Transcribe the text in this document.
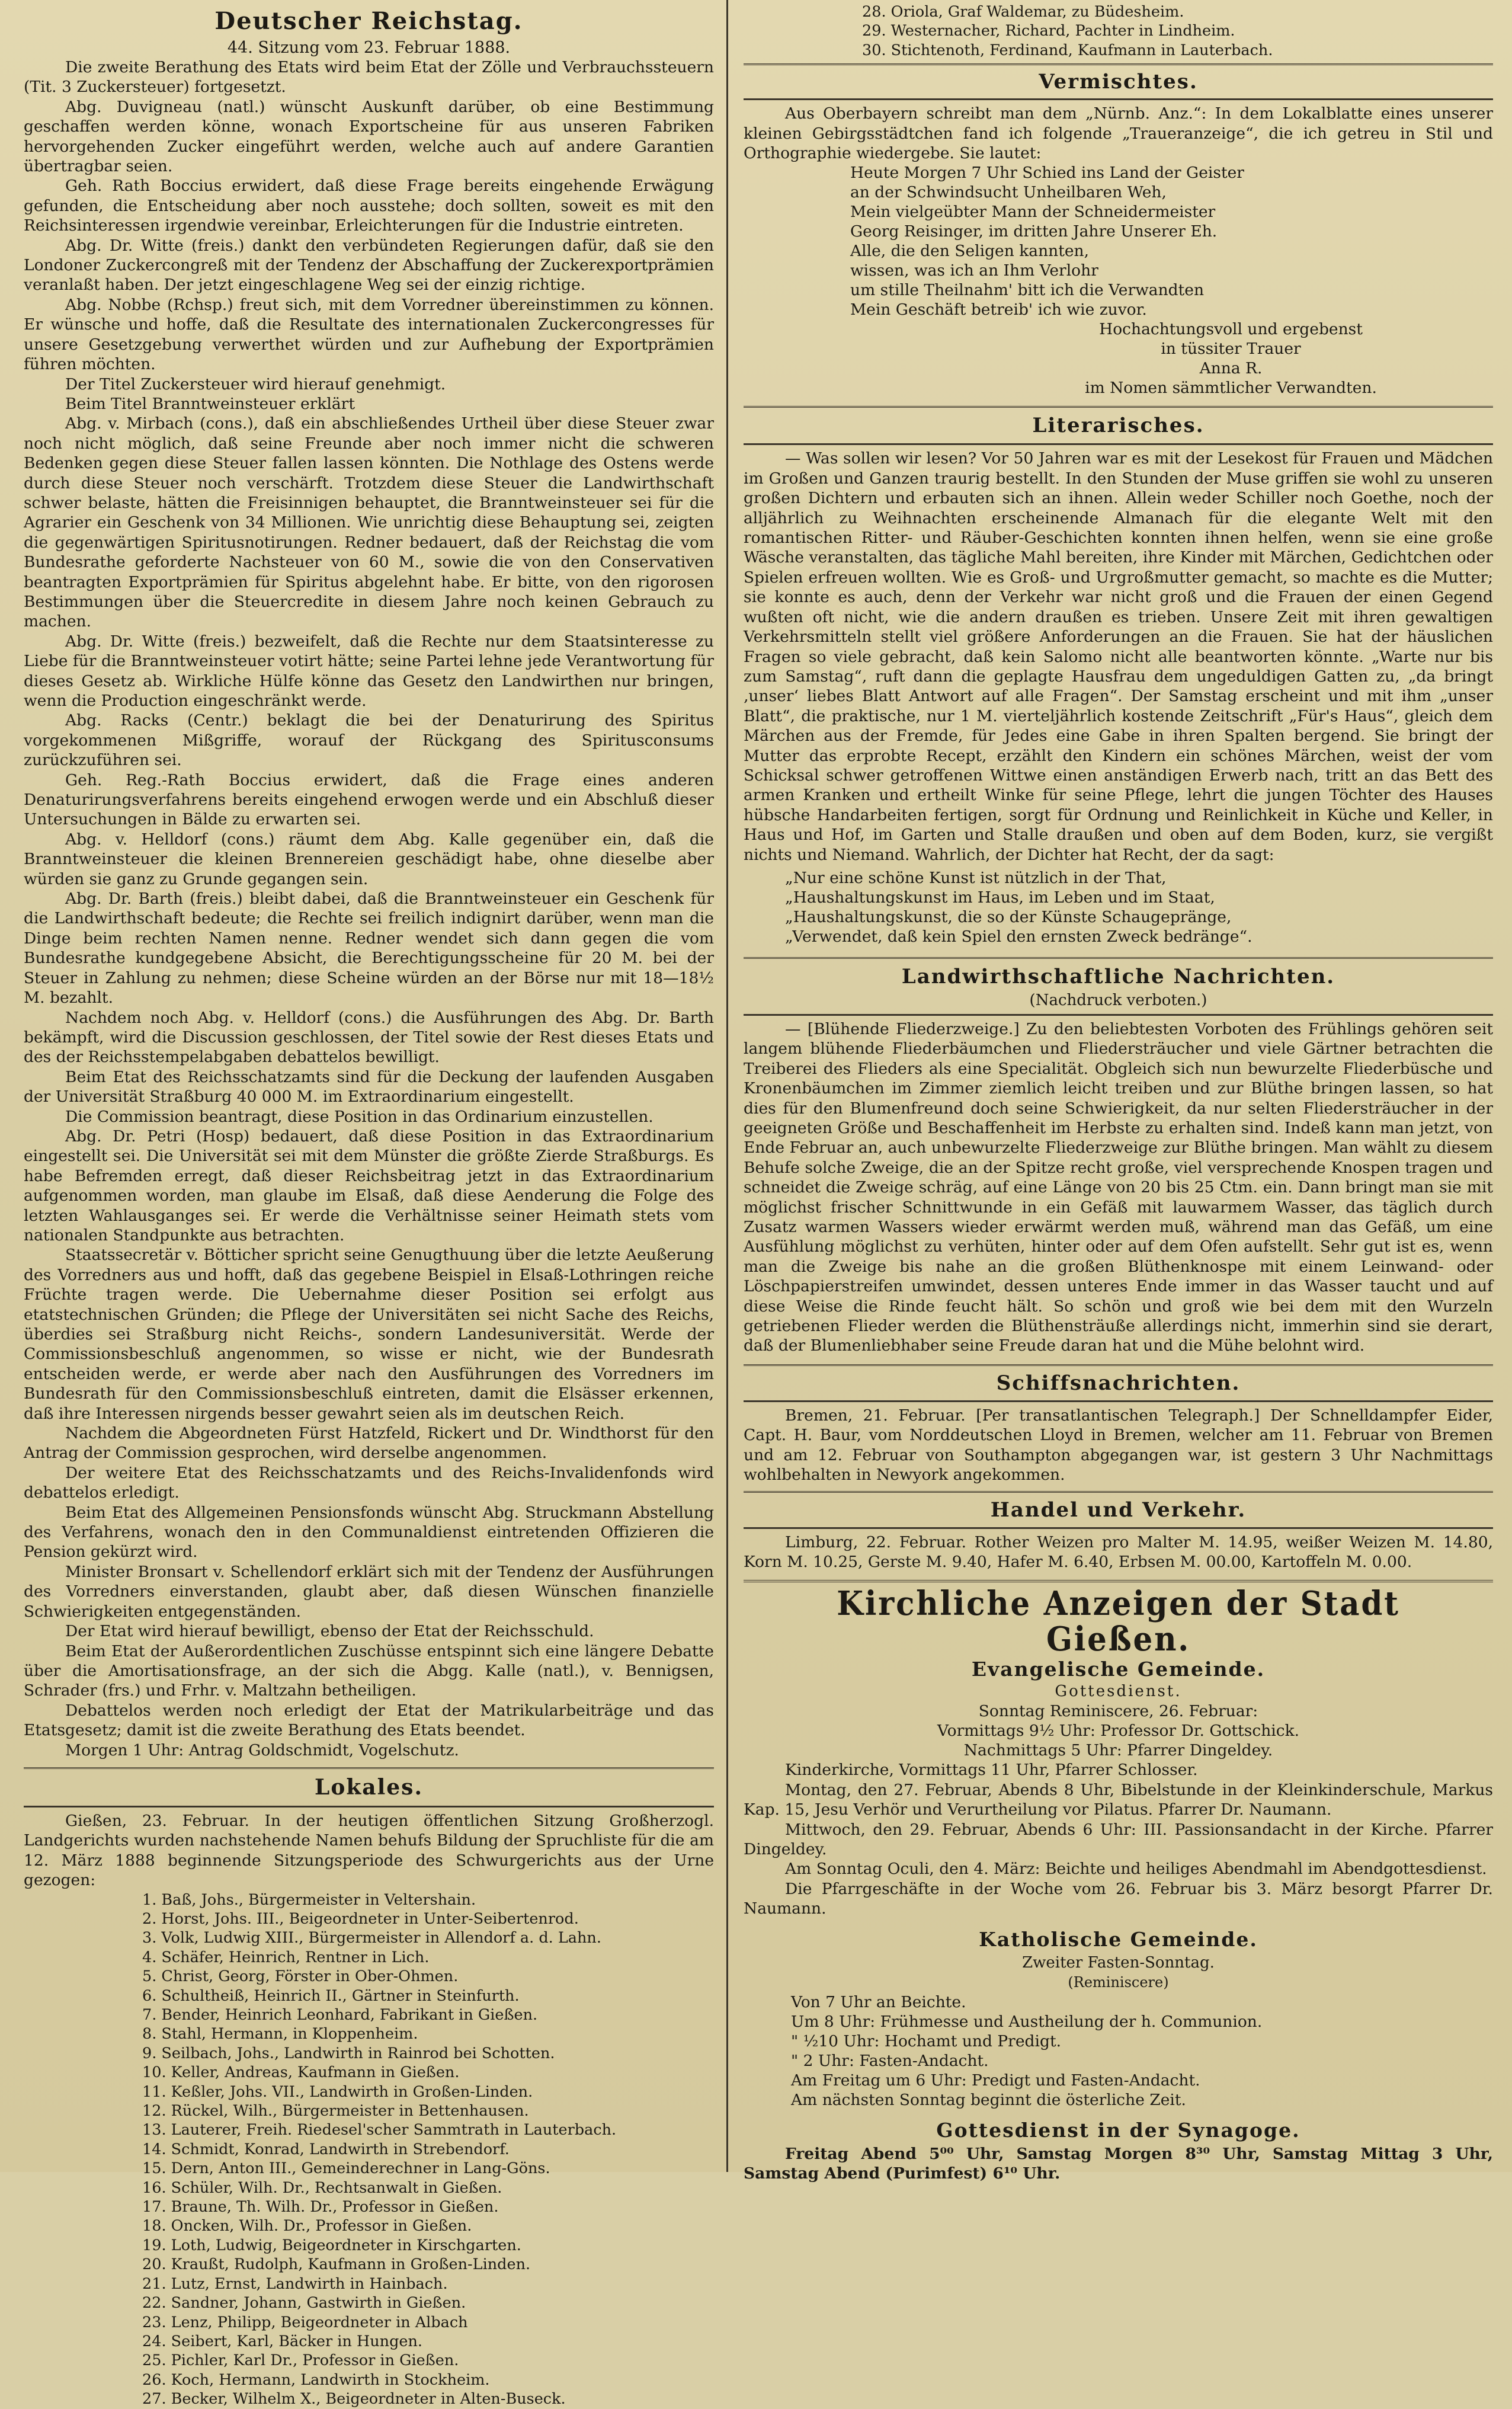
Deutscher Reichstag.
44. Sitzung vom 23. Februar 1888.

Die zweite Berathung des Etats wird beim Etat der Zölle und Verbrauchssteuern (Tit. 3 Zuckersteuer) fortgesetzt.

Abg. Duvigneau (natl.) wünscht Auskunft darüber, ob eine Bestimmung geschaffen werden könne, wonach Exportscheine für aus unseren Fabriken hervorgehenden Zucker eingeführt werden, welche auch auf andere Garantien übertragbar seien.

Geh. Rath Boccius erwidert, daß diese Frage bereits eingehende Erwägung gefunden, die Entscheidung aber noch ausstehe; doch sollten, soweit es mit den Reichsinteressen irgendwie vereinbar, Erleichterungen für die Industrie eintreten.

Abg. Dr. Witte (freis.) dankt den verbündeten Regierungen dafür, daß sie den Londoner Zuckercongreß mit der Tendenz der Abschaffung der Zuckerexportprämien veranlaßt haben. Der jetzt eingeschlagene Weg sei der einzig richtige.

Abg. Nobbe (Rchsp.) freut sich, mit dem Vorredner übereinstimmen zu können. Er wünsche und hoffe, daß die Resultate des internationalen Zuckercongresses für unsere Gesetzgebung verwerthet würden und zur Aufhebung der Exportprämien führen möchten.

Der Titel Zuckersteuer wird hierauf genehmigt.

Beim Titel Branntweinsteuer erklärt

Abg. v. Mirbach (cons.), daß ein abschließendes Urtheil über diese Steuer zwar noch nicht möglich, daß seine Freunde aber noch immer nicht die schweren Bedenken gegen diese Steuer fallen lassen könnten. Die Nothlage des Ostens werde durch diese Steuer noch verschärft. Trotzdem diese Steuer die Landwirthschaft schwer belaste, hätten die Freisinnigen behauptet, die Branntweinsteuer sei für die Agrarier ein Geschenk von 34 Millionen. Wie unrichtig diese Behauptung sei, zeigten die gegenwärtigen Spiritusnotirungen. Redner bedauert, daß der Reichstag die vom Bundesrathe geforderte Nachsteuer von 60 M., sowie die von den Conservativen beantragten Exportprämien für Spiritus abgelehnt habe. Er bitte, von den rigorosen Bestimmungen über die Steuercredite in diesem Jahre noch keinen Gebrauch zu machen.

Abg. Dr. Witte (freis.) bezweifelt, daß die Rechte nur dem Staatsinteresse zu Liebe für die Branntweinsteuer votirt hätte; seine Partei lehne jede Verantwortung für dieses Gesetz ab. Wirkliche Hülfe könne das Gesetz den Landwirthen nur bringen, wenn die Production eingeschränkt werde.

Abg. Racks (Centr.) beklagt die bei der Denaturirung des Spiritus vorgekommenen Mißgriffe, worauf der Rückgang des Spiritusconsums zurückzuführen sei.

Geh. Reg.-Rath Boccius erwidert, daß die Frage eines anderen Denaturirungsverfahrens bereits eingehend erwogen werde und ein Abschluß dieser Untersuchungen in Bälde zu erwarten sei.

Abg. v. Helldorf (cons.) räumt dem Abg. Kalle gegenüber ein, daß die Branntweinsteuer die kleinen Brennereien geschädigt habe, ohne dieselbe aber würden sie ganz zu Grunde gegangen sein.

Abg. Dr. Barth (freis.) bleibt dabei, daß die Branntweinsteuer ein Geschenk für die Landwirthschaft bedeute; die Rechte sei freilich indignirt darüber, wenn man die Dinge beim rechten Namen nenne. Redner wendet sich dann gegen die vom Bundesrathe kundgegebene Absicht, die Berechtigungsscheine für 20 M. bei der Steuer in Zahlung zu nehmen; diese Scheine würden an der Börse nur mit 18—18½ M. bezahlt.

Nachdem noch Abg. v. Helldorf (cons.) die Ausführungen des Abg. Dr. Barth bekämpft, wird die Discussion geschlossen, der Titel sowie der Rest dieses Etats und des der Reichsstempelabgaben debattelos bewilligt.

Beim Etat des Reichsschatzamts sind für die Deckung der laufenden Ausgaben der Universität Straßburg 40 000 M. im Extraordinarium eingestellt.

Die Commission beantragt, diese Position in das Ordinarium einzustellen.

Abg. Dr. Petri (Hosp) bedauert, daß diese Position in das Extraordinarium eingestellt sei. Die Universität sei mit dem Münster die größte Zierde Straßburgs. Es habe Befremden erregt, daß dieser Reichsbeitrag jetzt in das Extraordinarium aufgenommen worden, man glaube im Elsaß, daß diese Aenderung die Folge des letzten Wahlausganges sei. Er werde die Verhältnisse seiner Heimath stets vom nationalen Standpunkte aus betrachten.

Staatssecretär v. Bötticher spricht seine Genugthuung über die letzte Aeußerung des Vorredners aus und hofft, daß das gegebene Beispiel in Elsaß-Lothringen reiche Früchte tragen werde. Die Uebernahme dieser Position sei erfolgt aus etatstechnischen Gründen; die Pflege der Universitäten sei nicht Sache des Reichs, überdies sei Straßburg nicht Reichs-, sondern Landesuniversität. Werde der Commissionsbeschluß angenommen, so wisse er nicht, wie der Bundesrath entscheiden werde, er werde aber nach den Ausführungen des Vorredners im Bundesrath für den Commissionsbeschluß eintreten, damit die Elsässer erkennen, daß ihre Interessen nirgends besser gewahrt seien als im deutschen Reich.

Nachdem die Abgeordneten Fürst Hatzfeld, Rickert und Dr. Windthorst für den Antrag der Commission gesprochen, wird derselbe angenommen.

Der weitere Etat des Reichsschatzamts und des Reichs-Invalidenfonds wird debattelos erledigt.

Beim Etat des Allgemeinen Pensionsfonds wünscht Abg. Struckmann Abstellung des Verfahrens, wonach den in den Communaldienst eintretenden Offizieren die Pension gekürzt wird.

Minister Bronsart v. Schellendorf erklärt sich mit der Tendenz der Ausführungen des Vorredners einverstanden, glaubt aber, daß diesen Wünschen finanzielle Schwierigkeiten entgegenständen.

Der Etat wird hierauf bewilligt, ebenso der Etat der Reichsschuld.

Beim Etat der Außerordentlichen Zuschüsse entspinnt sich eine längere Debatte über die Amortisationsfrage, an der sich die Abgg. Kalle (natl.), v. Bennigsen, Schrader (frs.) und Frhr. v. Maltzahn betheiligen.

Debattelos werden noch erledigt der Etat der Matrikularbeiträge und das Etatsgesetz; damit ist die zweite Berathung des Etats beendet.

Morgen 1 Uhr: Antrag Goldschmidt, Vogelschutz.

Lokales.

Gießen, 23. Februar. In der heutigen öffentlichen Sitzung Großherzogl. Landgerichts wurden nachstehende Namen behufs Bildung der Spruchliste für die am 12. März 1888 beginnende Sitzungsperiode des Schwurgerichts aus der Urne gezogen:

1. Baß, Johs., Bürgermeister in Veltershain.
2. Horst, Johs. III., Beigeordneter in Unter-Seibertenrod.
3. Volk, Ludwig XIII., Bürgermeister in Allendorf a. d. Lahn.
4. Schäfer, Heinrich, Rentner in Lich.
5. Christ, Georg, Förster in Ober-Ohmen.
6. Schultheiß, Heinrich II., Gärtner in Steinfurth.
7. Bender, Heinrich Leonhard, Fabrikant in Gießen.
8. Stahl, Hermann, in Kloppenheim.
9. Seilbach, Johs., Landwirth in Rainrod bei Schotten.
10. Keller, Andreas, Kaufmann in Gießen.
11. Keßler, Johs. VII., Landwirth in Großen-Linden.
12. Rückel, Wilh., Bürgermeister in Bettenhausen.
13. Lauterer, Freih. Riedesel'scher Sammtrath in Lauterbach.
14. Schmidt, Konrad, Landwirth in Strebendorf.
15. Dern, Anton III., Gemeinderechner in Lang-Göns.
16. Schüler, Wilh. Dr., Rechtsanwalt in Gießen.
17. Braune, Th. Wilh. Dr., Professor in Gießen.
18. Oncken, Wilh. Dr., Professor in Gießen.
19. Loth, Ludwig, Beigeordneter in Kirschgarten.
20. Kraußt, Rudolph, Kaufmann in Großen-Linden.
21. Lutz, Ernst, Landwirth in Hainbach.
22. Sandner, Johann, Gastwirth in Gießen.
23. Lenz, Philipp, Beigeordneter in Albach
24. Seibert, Karl, Bäcker in Hungen.
25. Pichler, Karl Dr., Professor in Gießen.
26. Koch, Hermann, Landwirth in Stockheim.
27. Becker, Wilhelm X., Beigeordneter in Alten-Buseck.
28. Oriola, Graf Waldemar, zu Büdesheim.
29. Westernacher, Richard, Pachter in Lindheim.
30. Stichtenoth, Ferdinand, Kaufmann in Lauterbach.
Vermischtes.

Aus Oberbayern schreibt man dem „Nürnb. Anz.“: In dem Lokalblatte eines unserer kleinen Gebirgsstädtchen fand ich folgende „Traueranzeige“, die ich getreu in Stil und Orthographie wiedergebe. Sie lautet:

Heute Morgen 7 Uhr Schied ins Land der Geister
an der Schwindsucht Unheilbaren Weh,
Mein vielgeübter Mann der Schneidermeister
Georg Reisinger, im dritten Jahre Unserer Eh.
Alle, die den Seligen kannten,
wissen, was ich an Ihm Verlohr
um stille Theilnahm' bitt ich die Verwandten
Mein Geschäft betreib' ich wie zuvor.
Hochachtungsvoll und ergebenst
in tüssiter Trauer
Anna R.
im Nomen sämmtlicher Verwandten.
Literarisches.

— Was sollen wir lesen? Vor 50 Jahren war es mit der Lesekost für Frauen und Mädchen im Großen und Ganzen traurig bestellt. In den Stunden der Muse griffen sie wohl zu unseren großen Dichtern und erbauten sich an ihnen. Allein weder Schiller noch Goethe, noch der alljährlich zu Weihnachten erscheinende Almanach für die elegante Welt mit den romantischen Ritter- und Räuber-Geschichten konnten ihnen helfen, wenn sie eine große Wäsche veranstalten, das tägliche Mahl bereiten, ihre Kinder mit Märchen, Gedichtchen oder Spielen erfreuen wollten. Wie es Groß- und Urgroßmutter gemacht, so machte es die Mutter; sie konnte es auch, denn der Verkehr war nicht groß und die Frauen der einen Gegend wußten oft nicht, wie die andern draußen es trieben. Unsere Zeit mit ihren gewaltigen Verkehrsmitteln stellt viel größere Anforderungen an die Frauen. Sie hat der häuslichen Fragen so viele gebracht, daß kein Salomo nicht alle beantworten könnte. „Warte nur bis zum Samstag“, ruft dann die geplagte Hausfrau dem ungeduldigen Gatten zu, „da bringt ‚unser‘ liebes Blatt Antwort auf alle Fragen“. Der Samstag erscheint und mit ihm „unser Blatt“, die praktische, nur 1 M. vierteljährlich kostende Zeitschrift „Für's Haus“, gleich dem Märchen aus der Fremde, für Jedes eine Gabe in ihren Spalten bergend. Sie bringt der Mutter das erprobte Recept, erzählt den Kindern ein schönes Märchen, weist der vom Schicksal schwer getroffenen Wittwe einen anständigen Erwerb nach, tritt an das Bett des armen Kranken und ertheilt Winke für seine Pflege, lehrt die jungen Töchter des Hauses hübsche Handarbeiten fertigen, sorgt für Ordnung und Reinlichkeit in Küche und Keller, in Haus und Hof, im Garten und Stalle draußen und oben auf dem Boden, kurz, sie vergißt nichts und Niemand. Wahrlich, der Dichter hat Recht, der da sagt:

„Nur eine schöne Kunst ist nützlich in der That,
„Haushaltungskunst im Haus, im Leben und im Staat,
„Haushaltungskunst, die so der Künste Schaugepränge,
„Verwendet, daß kein Spiel den ernsten Zweck bedränge“.
Landwirthschaftliche Nachrichten.
(Nachdruck verboten.)

— [Blühende Fliederzweige.] Zu den beliebtesten Vorboten des Frühlings gehören seit langem blühende Fliederbäumchen und Fliedersträucher und viele Gärtner betrachten die Treiberei des Flieders als eine Specialität. Obgleich sich nun bewurzelte Fliederbüsche und Kronenbäumchen im Zimmer ziemlich leicht treiben und zur Blüthe bringen lassen, so hat dies für den Blumenfreund doch seine Schwierigkeit, da nur selten Fliedersträucher in der geeigneten Größe und Beschaffenheit im Herbste zu erhalten sind. Indeß kann man jetzt, von Ende Februar an, auch unbewurzelte Fliederzweige zur Blüthe bringen. Man wählt zu diesem Behufe solche Zweige, die an der Spitze recht große, viel versprechende Knospen tragen und schneidet die Zweige schräg, auf eine Länge von 20 bis 25 Ctm. ein. Dann bringt man sie mit möglichst frischer Schnittwunde in ein Gefäß mit lauwarmem Wasser, das täglich durch Zusatz warmen Wassers wieder erwärmt werden muß, während man das Gefäß, um eine Ausfühlung möglichst zu verhüten, hinter oder auf dem Ofen aufstellt. Sehr gut ist es, wenn man die Zweige bis nahe an die großen Blüthenknospe mit einem Leinwand- oder Löschpapierstreifen umwindet, dessen unteres Ende immer in das Wasser taucht und auf diese Weise die Rinde feucht hält. So schön und groß wie bei dem mit den Wurzeln getriebenen Flieder werden die Blüthensträuße allerdings nicht, immerhin sind sie derart, daß der Blumenliebhaber seine Freude daran hat und die Mühe belohnt wird.

Schiffsnachrichten.

Bremen, 21. Februar. [Per transatlantischen Telegraph.] Der Schnelldampfer Eider, Capt. H. Baur, vom Norddeutschen Lloyd in Bremen, welcher am 11. Februar von Bremen und am 12. Februar von Southampton abgegangen war, ist gestern 3 Uhr Nachmittags wohlbehalten in Newyork angekommen.

Handel und Verkehr.

Limburg, 22. Februar. Rother Weizen pro Malter M. 14.95, weißer Weizen M. 14.80, Korn M. 10.25, Gerste M. 9.40, Hafer M. 6.40, Erbsen M. 00.00, Kartoffeln M. 0.00.

Kirchliche Anzeigen der Stadt Gießen.
Evangelische Gemeinde.
Gottesdienst.
Sonntag Reminiscere, 26. Februar:
Vormittags 9½ Uhr: Professor Dr. Gottschick.
Nachmittags 5 Uhr: Pfarrer Dingeldey.

Kinderkirche, Vormittags 11 Uhr, Pfarrer Schlosser.

Montag, den 27. Februar, Abends 8 Uhr, Bibelstunde in der Kleinkinderschule, Markus Kap. 15, Jesu Verhör und Verurtheilung vor Pilatus. Pfarrer Dr. Naumann.

Mittwoch, den 29. Februar, Abends 6 Uhr: III. Passionsandacht in der Kirche. Pfarrer Dingeldey.

Am Sonntag Oculi, den 4. März: Beichte und heiliges Abendmahl im Abendgottesdienst.

Die Pfarrgeschäfte in der Woche vom 26. Februar bis 3. März besorgt Pfarrer Dr. Naumann.

Katholische Gemeinde.
Zweiter Fasten-Sonntag.
(Reminiscere)
Von 7 Uhr an Beichte.
Um 8 Uhr: Frühmesse und Austheilung der h. Communion.
" ½10 Uhr: Hochamt und Predigt.
" 2 Uhr: Fasten-Andacht.
Am Freitag um 6 Uhr: Predigt und Fasten-Andacht.
Am nächsten Sonntag beginnt die österliche Zeit.
Gottesdienst in der Synagoge.

Freitag Abend 5⁰⁰ Uhr, Samstag Morgen 8³⁰ Uhr, Samstag Mittag 3 Uhr, Samstag Abend (Purimfest) 6¹⁰ Uhr.
